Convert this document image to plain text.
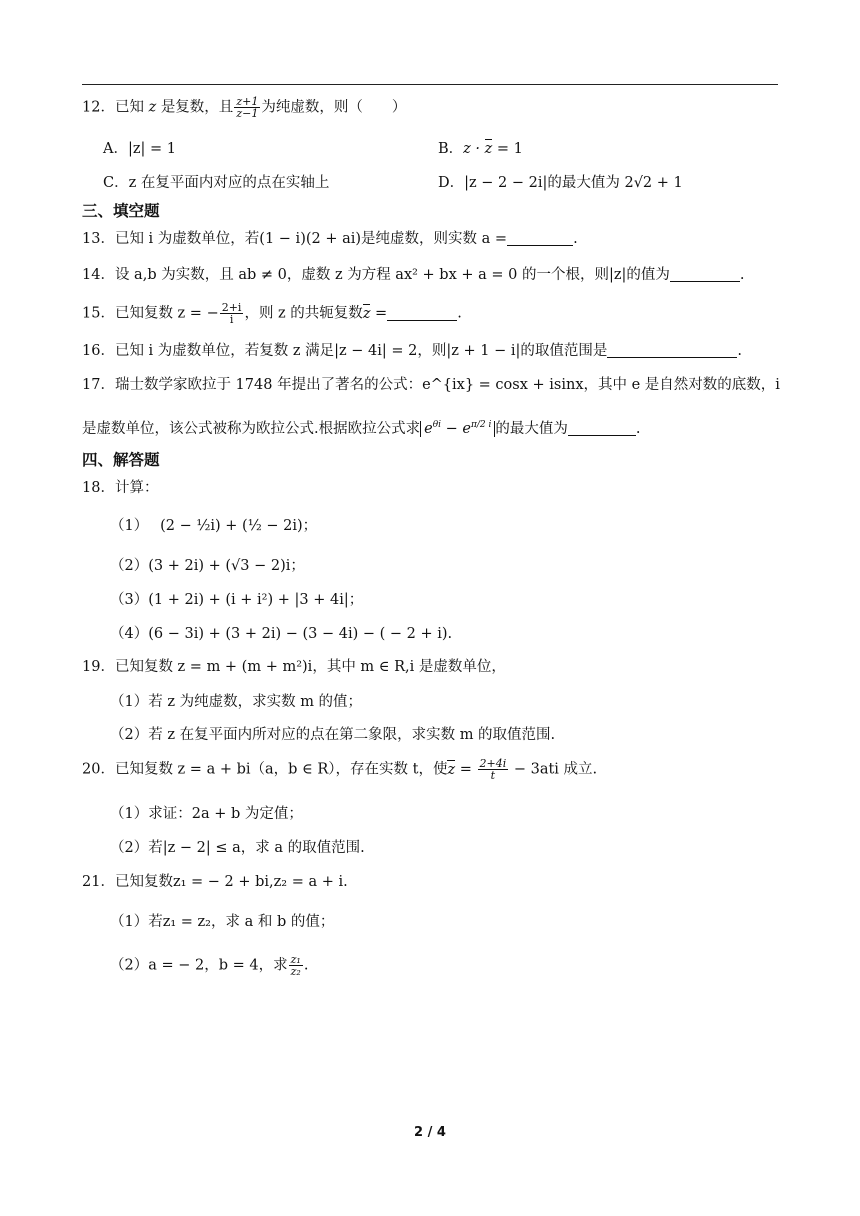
12．已知 z 是复数，且 $\frac{z+1}{z-1}$ 为纯虚数，则（　　）
A．|z| = 1	B．z · z = 1
C．z 在复平面内对应的点在实轴上	D．|z − 2 − 2i|的最大值为 2√2 + 1
三、填空题
13．已知 i 为虚数单位，若(1 − i)(2 + ai)是纯虚数，则实数 a =	.
14．设 a,b 为实数，且 ab ≠ 0，虚数 z 为方程 ax² + bx + a = 0 的一个根，则|z|的值为	.
15．已知复数 z = − $\frac{2+i}{i}$ ，则 z 的共轭复数z =	.
16．已知 i 为虚数单位，若复数 z 满足|z − 4i| = 2，则|z + 1 − i|的取值范围是	.
17．瑞士数学家欧拉于 1748 年提出了著名的公式：e^{ix} = cosx + isinx，其中 e 是自然对数的底数，i
是虚数单位，该公式被称为欧拉公式.根据欧拉公式求 $e^{\theta i} - e^{\pi/2 i}$ 的最大值为	.
四、解答题
18．计算：
（1）　 (2 − ½i) + (½ − 2i)；
（2）(3 + 2i) + (√3 − 2)i；
（3）(1 + 2i) + (i + i²) + |3 + 4i|；
（4）(6 − 3i) + (3 + 2i) − (3 − 4i) − ( − 2 + i).
19．已知复数 z = m + (m + m²)i，其中 m ∈ R,i 是虚数单位，
（1）若 z 为纯虚数，求实数 m 的值；
（2）若 z 在复平面内所对应的点在第二象限，求实数 m 的取值范围.
20．已知复数 z = a + bi（a，b ∈ R），存在实数 t，使$z = \frac{2+4i}{t} - 3ati$ 成立.
（1）求证：2a + b 为定值；
（2）若|z − 2| ≤ a，求 a 的取值范围.
21．已知复数z₁ = − 2 + bi,z₂ = a + i.
（1）若z₁ = z₂，求 a 和 b 的值；
（2）a = − 2，b = 4，求 $\frac{\text{z₁}}{\text{z₂}}$ .
2 / 4
